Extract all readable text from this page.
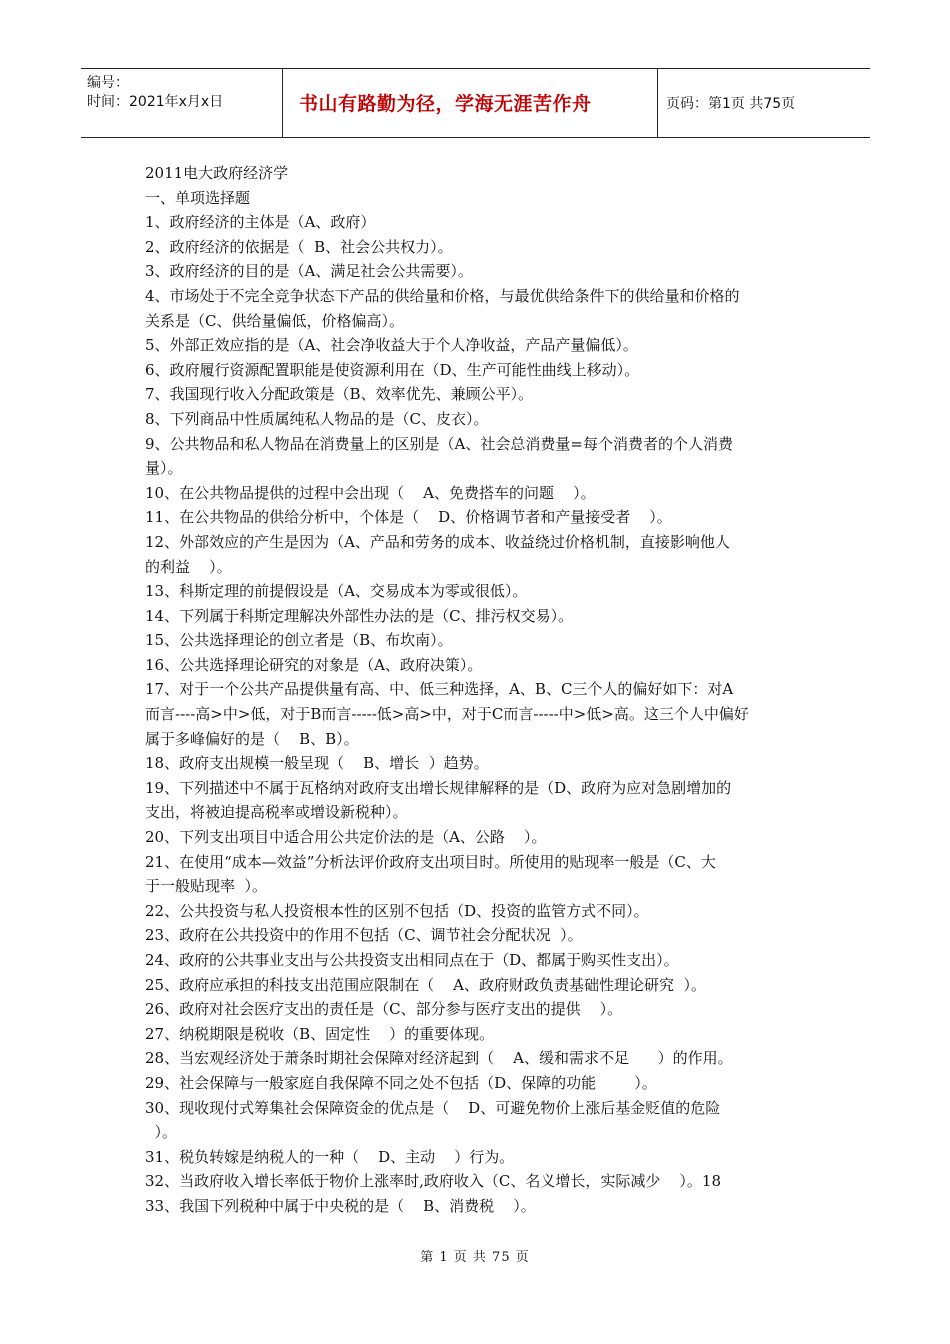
编号：
时间：2021年x月x日	书山有路勤为径，学海无涯苦作舟	页码：第1页 共75页
2011电大政府经济学
一、单项选择题
1、政府经济的主体是（A、政府）
2、政府经济的依据是（  B、社会公共权力）。
3、政府经济的目的是（A、满足社会公共需要）。
4、市场处于不完全竞争状态下产品的供给量和价格，与最优供给条件下的供给量和价格的
关系是（C、供给量偏低，价格偏高）。
5、外部正效应指的是（A、社会净收益大于个人净收益，产品产量偏低）。
6、政府履行资源配置职能是使资源利用在（D、生产可能性曲线上移动）。
7、我国现行收入分配政策是（B、效率优先、兼顾公平）。
8、下列商品中性质属纯私人物品的是（C、皮衣）。
9、公共物品和私人物品在消费量上的区别是（A、社会总消费量=每个消费者的个人消费
量）。
10、在公共物品提供的过程中会出现（    A、免费搭车的问题    ）。
11、在公共物品的供给分析中，个体是（    D、价格调节者和产量接受者    ）。
12、外部效应的产生是因为（A、产品和劳务的成本、收益绕过价格机制，直接影响他人
的利益    ）。
13、科斯定理的前提假设是（A、交易成本为零或很低）。
14、下列属于科斯定理解决外部性办法的是（C、排污权交易）。
15、公共选择理论的创立者是（B、布坎南）。
16、公共选择理论研究的对象是（A、政府决策）。
17、对于一个公共产品提供量有高、中、低三种选择，A、B、C三个人的偏好如下：对A
而言----高>中>低，对于B而言-----低>高>中，对于C而言-----中>低>高。这三个人中偏好
属于多峰偏好的是（    B、B）。
18、政府支出规模一般呈现（    B、增长  ）趋势。
19、下列描述中不属于瓦格纳对政府支出增长规律解释的是（D、政府为应对急剧增加的
支出，将被迫提高税率或增设新税种）。
20、下列支出项目中适合用公共定价法的是（A、公路    ）。
21、在使用“成本—效益”分析法评价政府支出项目时。所使用的贴现率一般是（C、大
于一般贴现率  ）。
22、公共投资与私人投资根本性的区别不包括（D、投资的监管方式不同）。
23、政府在公共投资中的作用不包括（C、调节社会分配状况  ）。
24、政府的公共事业支出与公共投资支出相同点在于（D、都属于购买性支出）。
25、政府应承担的科技支出范围应限制在（    A、政府财政负责基础性理论研究  ）。
26、政府对社会医疗支出的责任是（C、部分参与医疗支出的提供    ）。
27、纳税期限是税收（B、固定性    ）的重要体现。
28、当宏观经济处于萧条时期社会保障对经济起到（    A、缓和需求不足      ）的作用。
29、社会保障与一般家庭自我保障不同之处不包括（D、保障的功能        ）。
30、现收现付式筹集社会保障资金的优点是（    D、可避免物价上涨后基金贬值的危险
）。
31、税负转嫁是纳税人的一种（    D、主动    ）行为。
32、当政府收入增长率低于物价上涨率时,政府收入（C、名义增长，实际减少    ）。18
33、我国下列税种中属于中央税的是（    B、消费税    ）。
第 1 页 共 75 页
